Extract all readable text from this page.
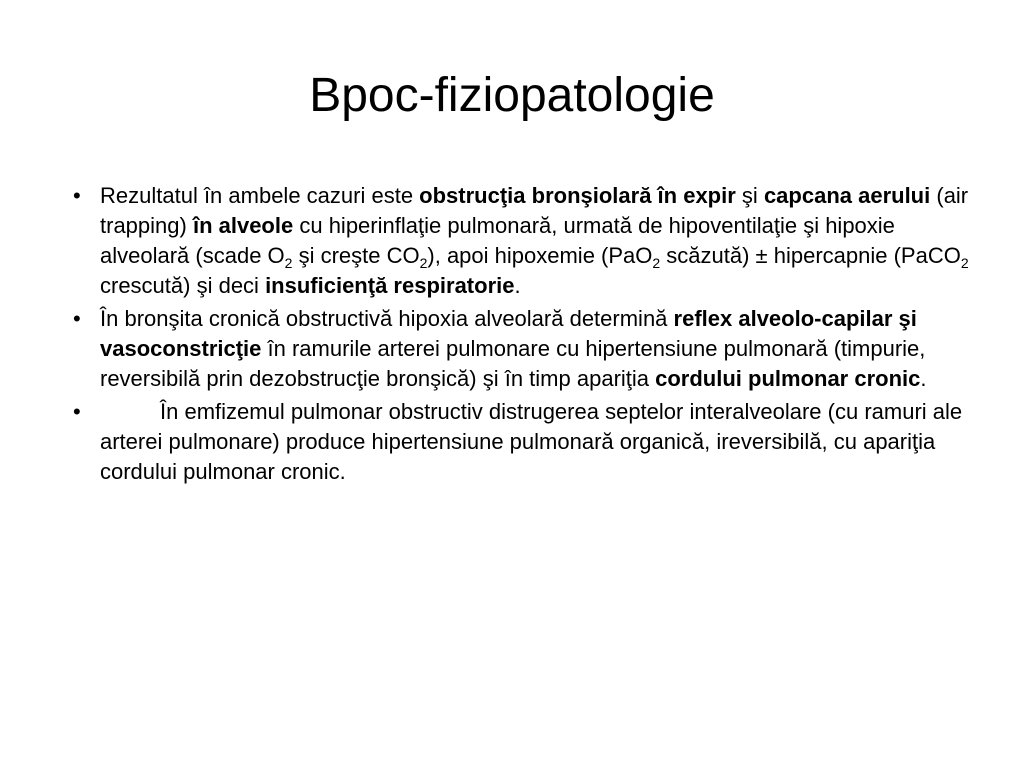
Bpoc-fiziopatologie
• Rezultatul în ambele cazuri este obstrucţia bronşiolară în expir şi capcana aerului (air trapping) în alveole cu hiperinflaţie pulmonară, urmată de hipoventilaţie şi hipoxie alveolară (scade $O_2$ şi creşte $CO_2$), apoi hipoxemie (PaO$_2$ scăzută) ± hipercapnie (PaCO$_2$ crescută) şi deci insuficienţă respiratorie.
• În bronşita cronică obstructivă hipoxia alveolară determină reflex alveolo-capilar şi vasoconstricţie în ramurile arterei pulmonare cu hipertensiune pulmonară (timpurie, reversibilă prin dezobstrucţie bronşică) şi în timp apariţia cordului pulmonar cronic.
•	În emfizemul pulmonar obstructiv distrugerea septelor interalveolare (cu ramuri ale arterei pulmonare) produce hipertensiune pulmonară organică, ireversibilă, cu apariţia cordului pulmonar cronic.
